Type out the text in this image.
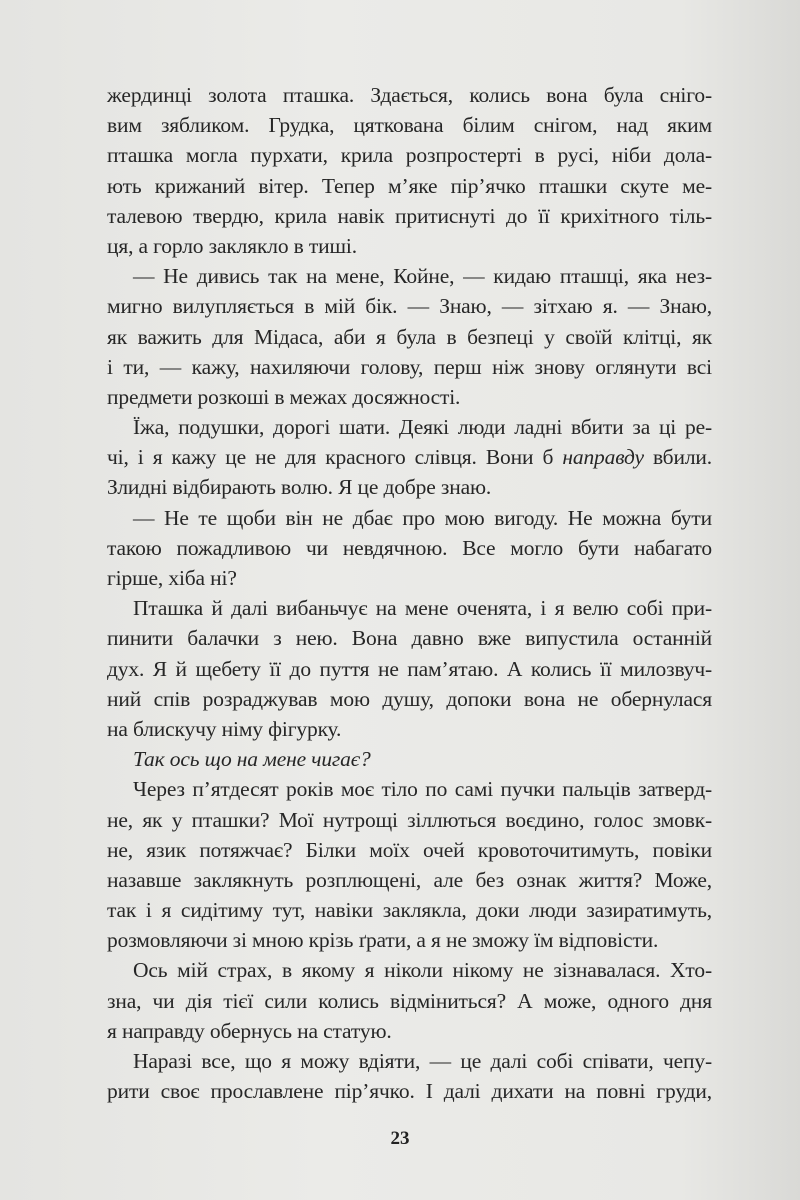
жердинці золота пташка. Здається, колись вона була сніго-
вим зябликом. Грудка, цяткована білим снігом, над яким
пташка могла пурхати, крила розпростерті в русі, ніби дола-
ють крижаний вітер. Тепер м’яке пір’ячко пташки скуте ме-
талевою твердю, крила навік притиснуті до її крихітного тіль-
ця, а горло заклякло в тиші.
— Не дивись так на мене, Койне, — кидаю пташці, яка нез-
мигно вилупляється в мій бік. — Знаю, — зітхаю я. — Знаю,
як важить для Мідаса, аби я була в безпеці у своїй клітці, як
і ти, — кажу, нахиляючи голову, перш ніж знову оглянути всі
предмети розкоші в межах досяжності.
Їжа, подушки, дорогі шати. Деякі люди ладні вбити за ці ре-
чі, і я кажу це не для красного слівця. Вони б направду вбили.
Злидні відбирають волю. Я це добре знаю.
— Не те щоби він не дбає про мою вигоду. Не можна бути
такою пожадливою чи невдячною. Все могло бути набагато
гірше, хіба ні?
Пташка й далі вибаньчує на мене оченята, і я велю собі при-
пинити балачки з нею. Вона давно вже випустила останній
дух. Я й щебету її до пуття не пам’ятаю. А колись її милозвуч-
ний спів розраджував мою душу, допоки вона не обернулася
на блискучу німу фігурку.
Так ось що на мене чигає?
Через п’ятдесят років моє тіло по самі пучки пальців затверд-
не, як у пташки? Мої нутрощі зіллються воєдино, голос змовк-
не, язик потяжчає? Білки моїх очей кровоточитимуть, повіки
назавше заклякнуть розплющені, але без ознак життя? Може,
так і я сидітиму тут, навіки заклякла, доки люди зазиратимуть,
розмовляючи зі мною крізь ґрати, а я не зможу їм відповісти.
Ось мій страх, в якому я ніколи нікому не зізнавалася. Хто-
зна, чи дія тієї сили колись відміниться? А може, одного дня
я направду обернусь на статую.
Наразі все, що я можу вдіяти, — це далі собі співати, чепу-
рити своє прославлене пір’ячко. І далі дихати на повні груди,
23
